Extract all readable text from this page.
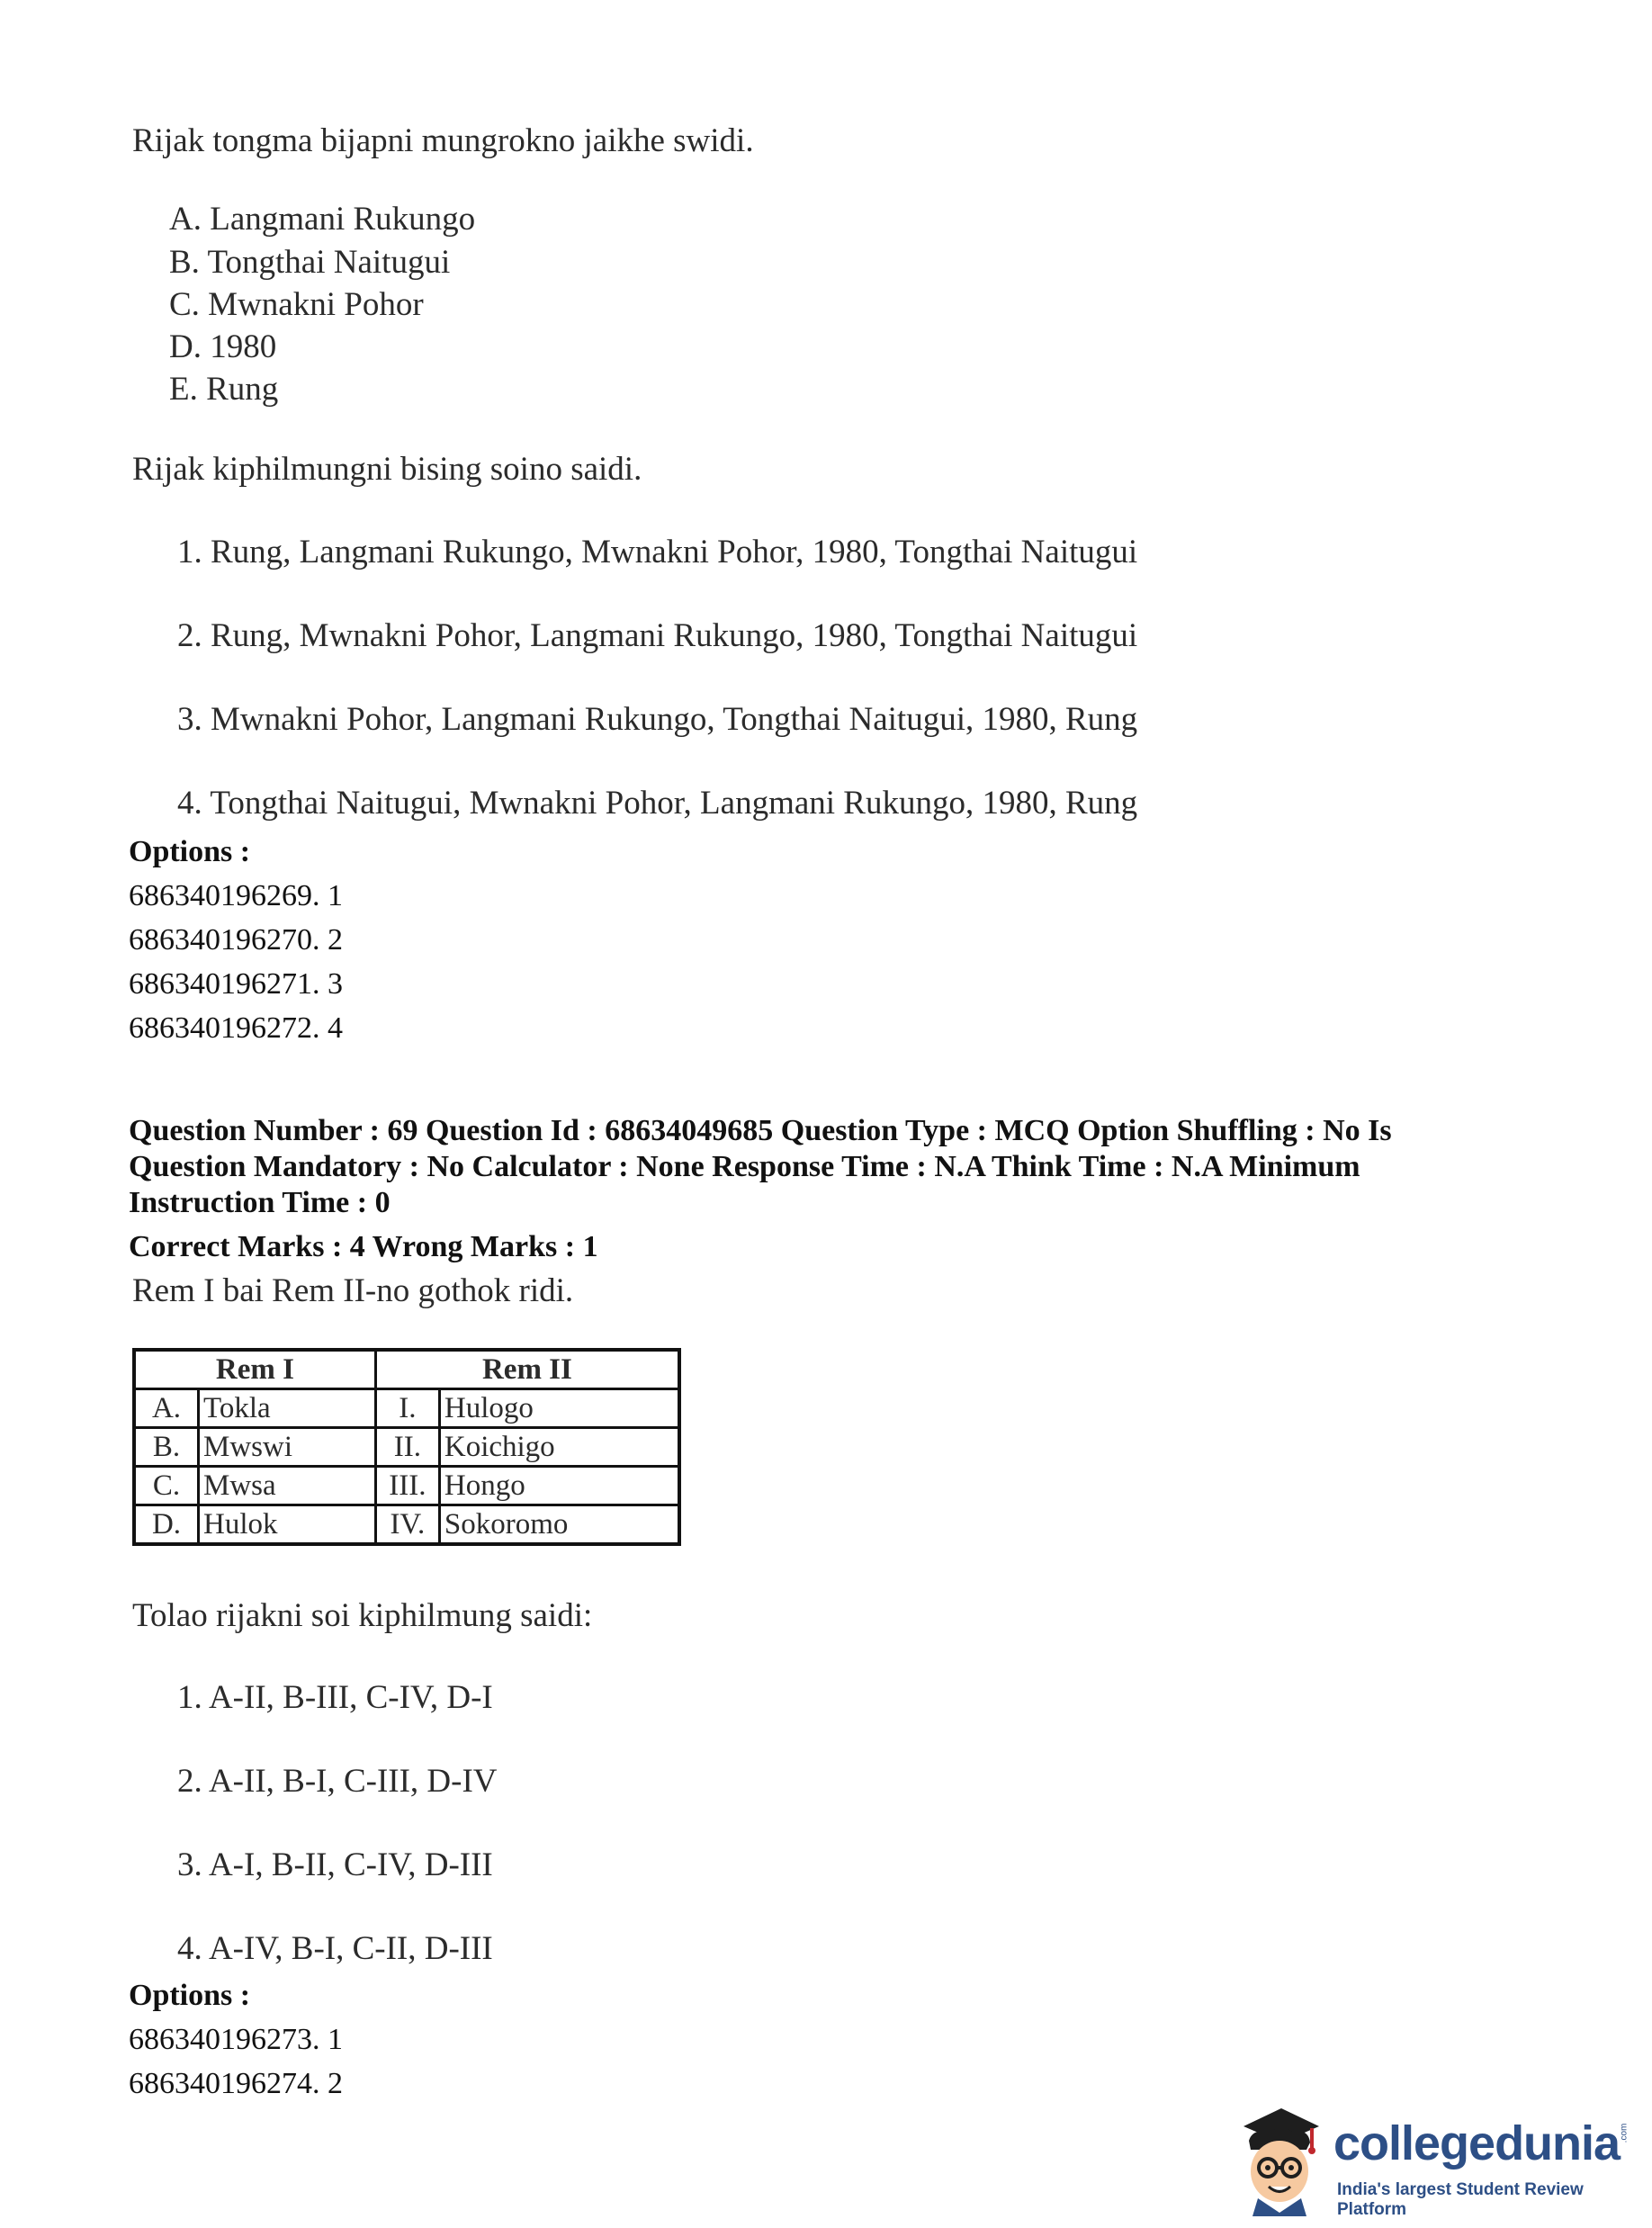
Rijak tongma bijapni mungrokno jaikhe swidi.
A. Langmani Rukungo
B. Tongthai Naitugui
C. Mwnakni Pohor
D. 1980
E. Rung
Rijak kiphilmungni bising soino saidi.
1. Rung, Langmani Rukungo, Mwnakni Pohor, 1980, Tongthai Naitugui
2. Rung, Mwnakni Pohor, Langmani Rukungo, 1980, Tongthai Naitugui
3. Mwnakni Pohor, Langmani Rukungo, Tongthai Naitugui, 1980, Rung
4. Tongthai Naitugui, Mwnakni Pohor, Langmani Rukungo, 1980, Rung
Options :
686340196269. 1
686340196270. 2
686340196271. 3
686340196272. 4
Question Number : 69 Question Id : 68634049685 Question Type : MCQ Option Shuffling : No Is
Question Mandatory : No Calculator : None Response Time : N.A Think Time : N.A Minimum
Instruction Time : 0
Correct Marks : 4 Wrong Marks : 1
Rem I bai Rem II-no gothok ridi.
Rem I		Rem II	
A.	Tokla	I.	Hulogo
B.	Mwswi	II.	Koichigo
C.	Mwsa	III.	Hongo
D.	Hulok	IV.	Sokoromo
Tolao rijakni soi kiphilmung saidi:
1. A-II, B-III, C-IV, D-I
2. A-II, B-I, C-III, D-IV
3. A-I, B-II, C-IV, D-III
4. A-IV, B-I, C-II, D-III
Options :
686340196273. 1
686340196274. 2
collegedunia .com
India's largest Student Review Platform
